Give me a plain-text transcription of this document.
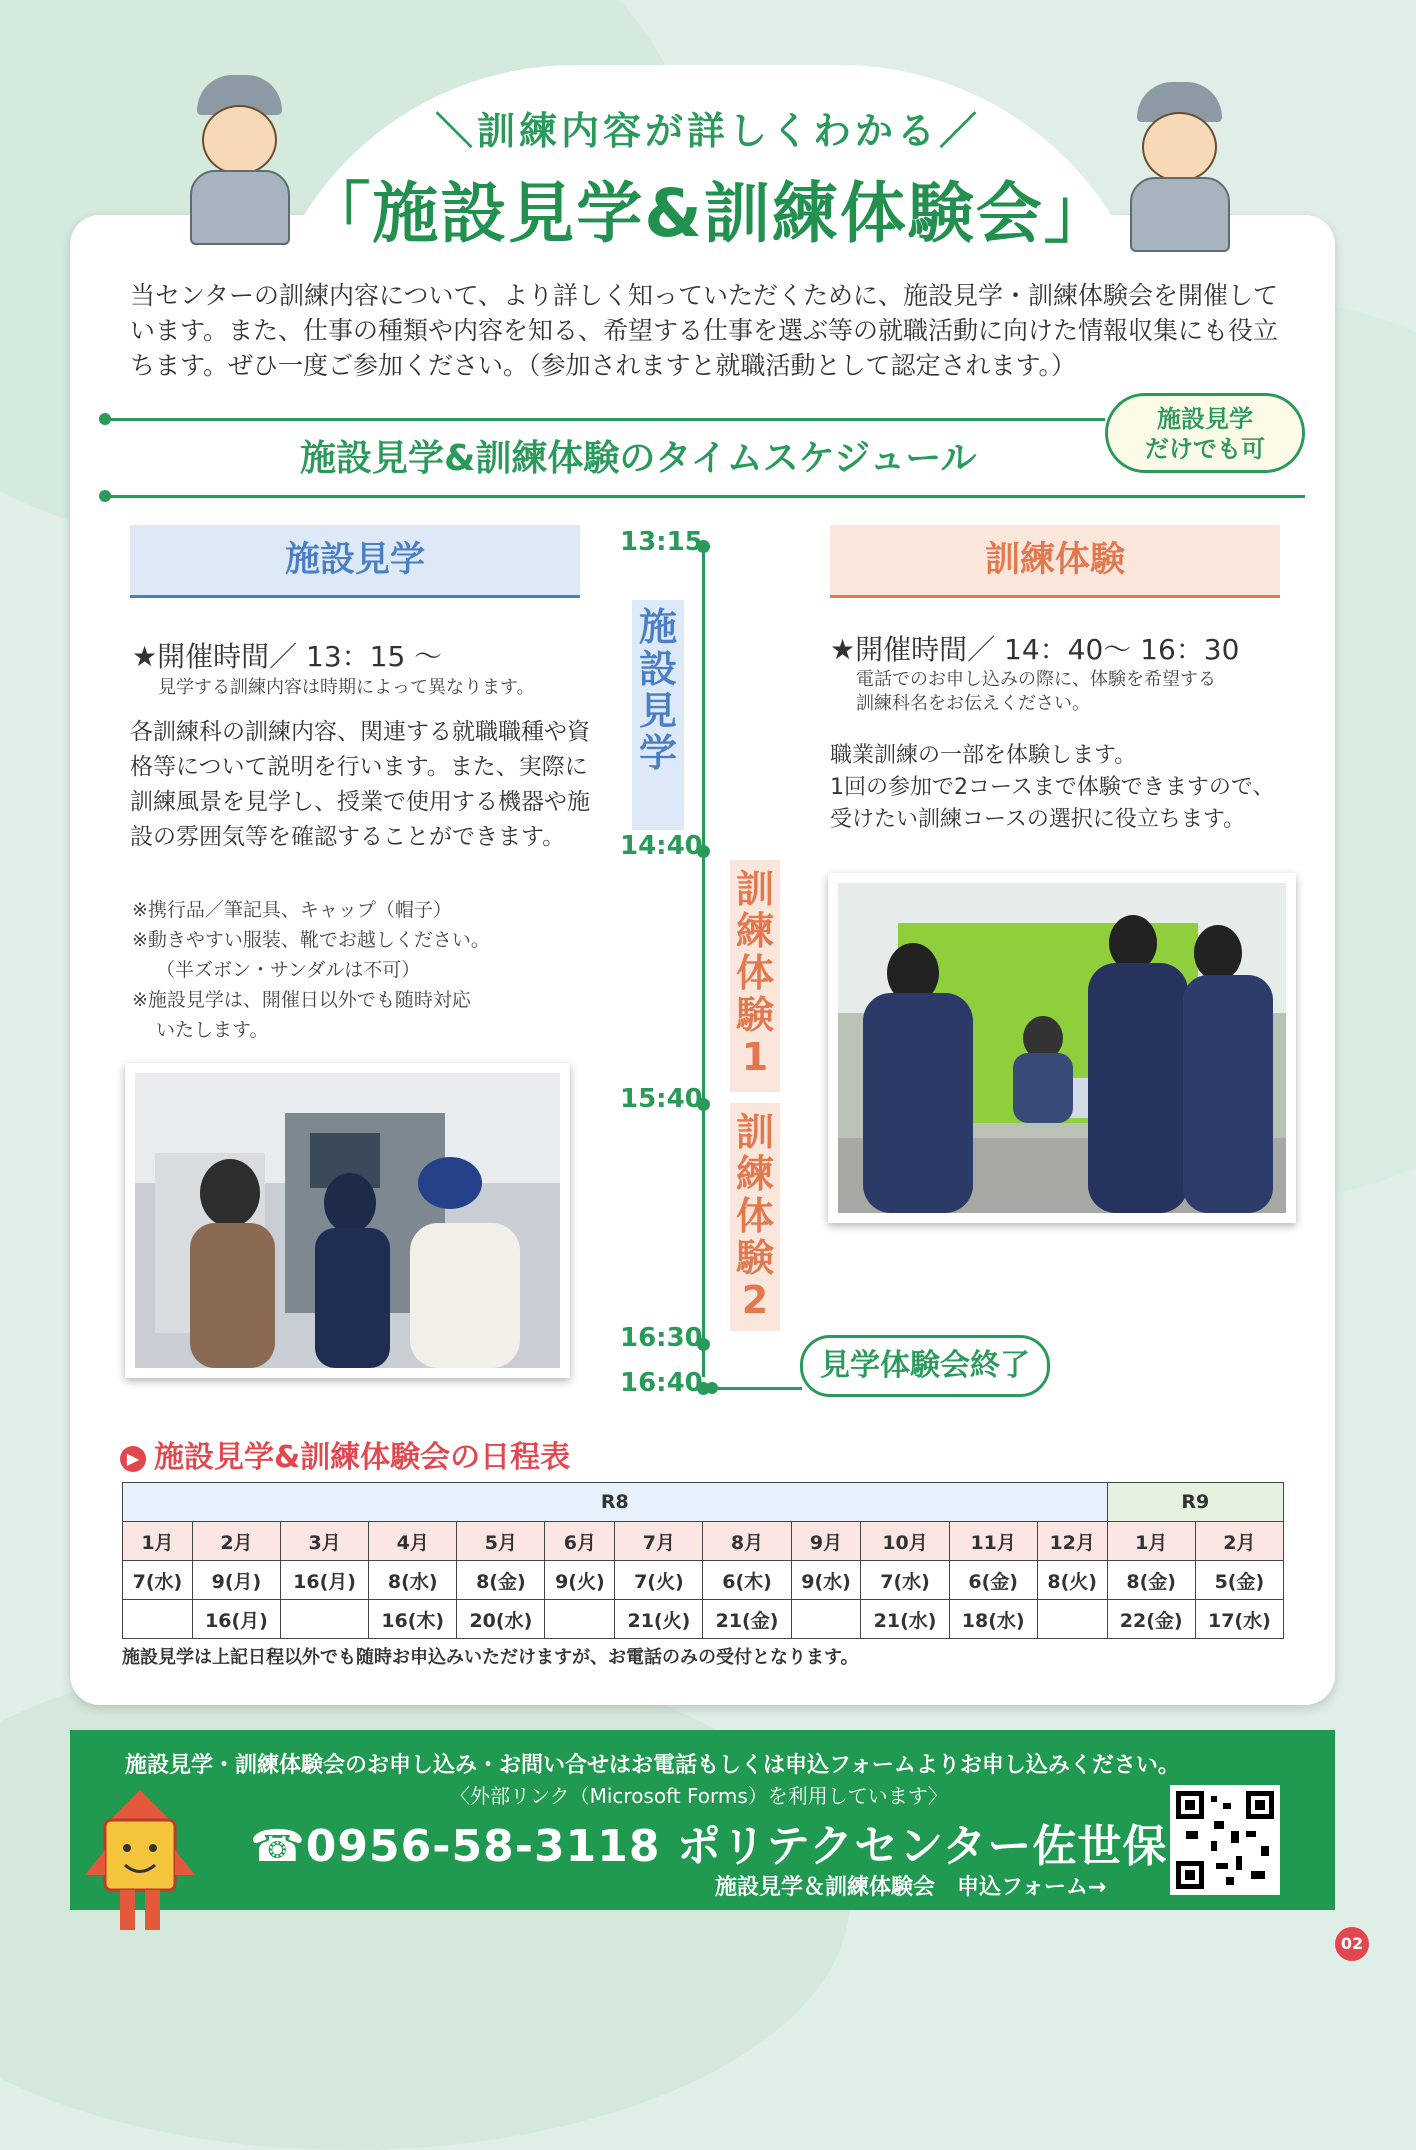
＼訓練内容が詳しくわかる／
「施設見学&訓練体験会」
当センターの訓練内容について、より詳しく知っていただくために、施設見学・訓練体験会を開催しています。また、仕事の種類や内容を知る、希望する仕事を選ぶ等の就職活動に向けた情報収集にも役立ちます。ぜひ一度ご参加ください。（参加されますと就職活動として認定されます。）
施設見学&訓練体験のタイムスケジュール
施設見学
だけでも可
施設見学
★開催時間／ 13：15 ～
見学する訓練内容は時期によって異なります。
各訓練科の訓練内容、関連する就職職種や資格等について説明を行います。また、実際に訓練風景を見学し、授業で使用する機器や施設の雰囲気等を確認することができます。
※携行品／筆記具、キャップ（帽子）
※動きやすい服装、靴でお越しください。
（半ズボン・サンダルは不可）
※施設見学は、開催日以外でも随時対応
いたします。
13:15
14:40
15:40
16:30
16:40
施設見学
訓練体験1
訓練体験2
見学体験会終了
訓練体験
★開催時間／ 14：40～ 16：30
電話でのお申し込みの際に、体験を希望する
訓練科名をお伝えください。
職業訓練の一部を体験します。
1回の参加で2コースまで体験できますので、
受けたい訓練コースの選択に役立ちます。
▶ 施設見学&訓練体験会の日程表
R8												R9	
1月	2月	3月	4月	5月	6月	7月	8月	9月	10月	11月	12月	1月	2月
7(水)	9(月)	16(月)	8(水)	8(金)	9(火)	7(火)	6(木)	9(水)	7(水)	6(金)	8(火)	8(金)	5(金)
	16(月)		16(木)	20(水)		21(火)	21(金)		21(水)	18(水)		22(金)	17(水)
施設見学は上記日程以外でも随時お申込みいただけますが、お電話のみの受付となります。
施設見学・訓練体験会のお申し込み・お問い合せはお電話もしくは申込フォームよりお申し込みください。
〈外部リンク（Microsoft Forms）を利用しています〉
☎0956-58-3118 ポリテクセンター佐世保
施設見学＆訓練体験会　申込フォーム→
02
